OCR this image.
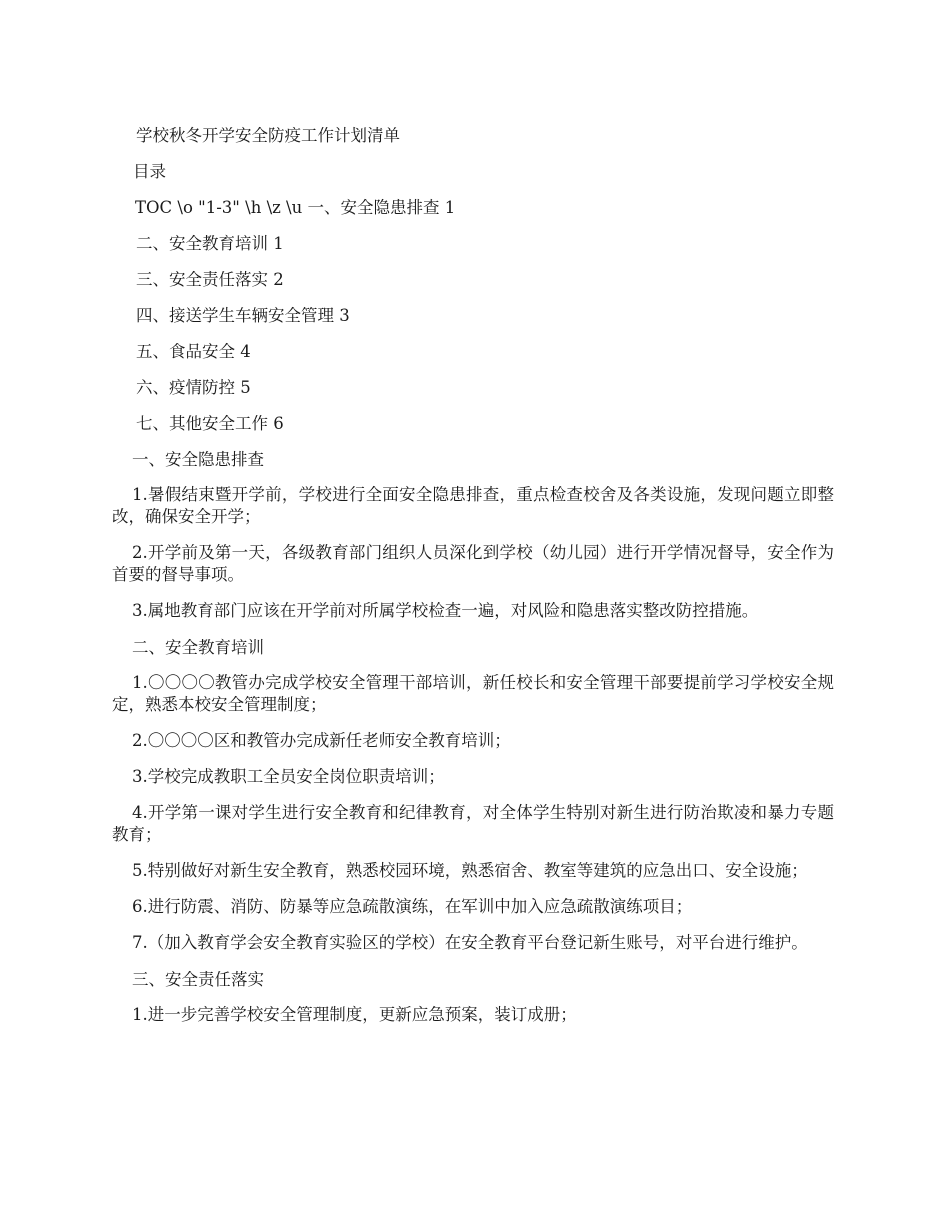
学校秋冬开学安全防疫工作计划清单
目录
TOC \o "1-3" \h \z \u 一、安全隐患排查 1
二、安全教育培训 1
三、安全责任落实 2
四、接送学生车辆安全管理 3
五、食品安全 4
六、疫情防控 5
七、其他安全工作 6
一、安全隐患排查

1.暑假结束暨开学前，学校进行全面安全隐患排查，重点检查校舍及各类设施，发现问题立即整改，确保安全开学；

2.开学前及第一天，各级教育部门组织人员深化到学校（幼儿园）进行开学情况督导，安全作为首要的督导事项。

3.属地教育部门应该在开学前对所属学校检查一遍，对风险和隐患落实整改防控措施。

二、安全教育培训

1.〇〇〇〇教管办完成学校安全管理干部培训，新任校长和安全管理干部要提前学习学校安全规定，熟悉本校安全管理制度；

2.〇〇〇〇区和教管办完成新任老师安全教育培训；

3.学校完成教职工全员安全岗位职责培训；

4.开学第一课对学生进行安全教育和纪律教育，对全体学生特别对新生进行防治欺凌和暴力专题教育；

5.特别做好对新生安全教育，熟悉校园环境，熟悉宿舍、教室等建筑的应急出口、安全设施；

6.进行防震、消防、防暴等应急疏散演练，在军训中加入应急疏散演练项目；

7.（加入教育学会安全教育实验区的学校）在安全教育平台登记新生账号，对平台进行维护。

三、安全责任落实

1.进一步完善学校安全管理制度，更新应急预案，装订成册；
